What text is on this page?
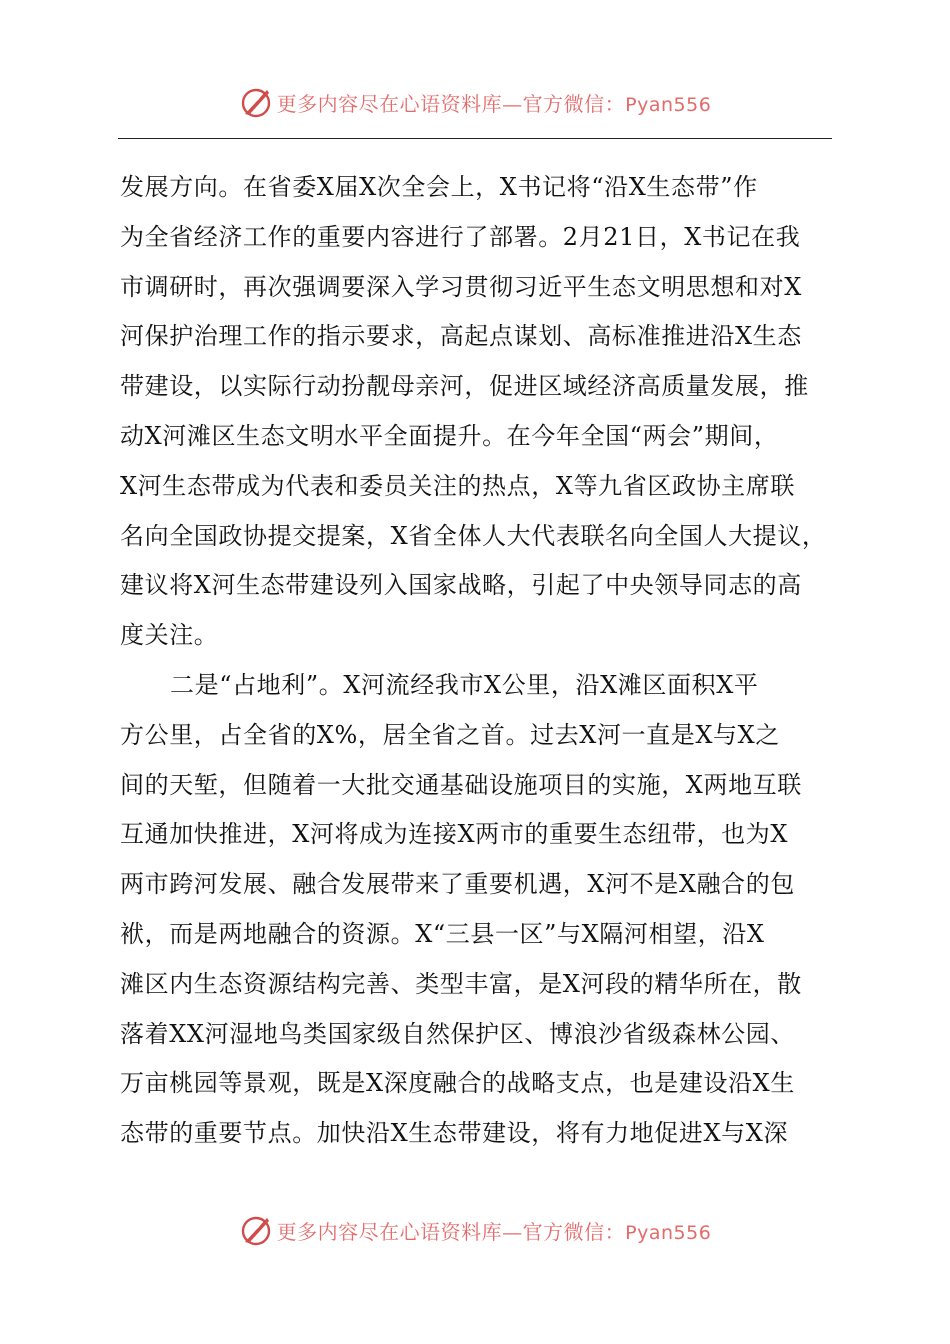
更多内容尽在心语资料库—官方微信：Pyan556
发展方向。在省委X届X次全会上，X书记将“沿X生态带”作
为全省经济工作的重要内容进行了部署。2月21日，X书记在我
市调研时，再次强调要深入学习贯彻习近平生态文明思想和对X
河保护治理工作的指示要求，高起点谋划、高标准推进沿X生态
带建设，以实际行动扮靓母亲河，促进区域经济高质量发展，推
动X河滩区生态文明水平全面提升。在今年全国“两会”期间，
X河生态带成为代表和委员关注的热点，X等九省区政协主席联
名向全国政协提交提案，X省全体人大代表联名向全国人大提议，
建议将X河生态带建设列入国家战略，引起了中央领导同志的高
度关注。
二是“占地利”。X河流经我市X公里，沿X滩区面积X平
方公里，占全省的X%，居全省之首。过去X河一直是X与X之
间的天堑，但随着一大批交通基础设施项目的实施，X两地互联
互通加快推进，X河将成为连接X两市的重要生态纽带，也为X
两市跨河发展、融合发展带来了重要机遇，X河不是X融合的包
袱，而是两地融合的资源。X“三县一区”与X隔河相望，沿X
滩区内生态资源结构完善、类型丰富，是X河段的精华所在，散
落着XX河湿地鸟类国家级自然保护区、博浪沙省级森林公园、
万亩桃园等景观，既是X深度融合的战略支点，也是建设沿X生
态带的重要节点。加快沿X生态带建设，将有力地促进X与X深
更多内容尽在心语资料库—官方微信：Pyan556
